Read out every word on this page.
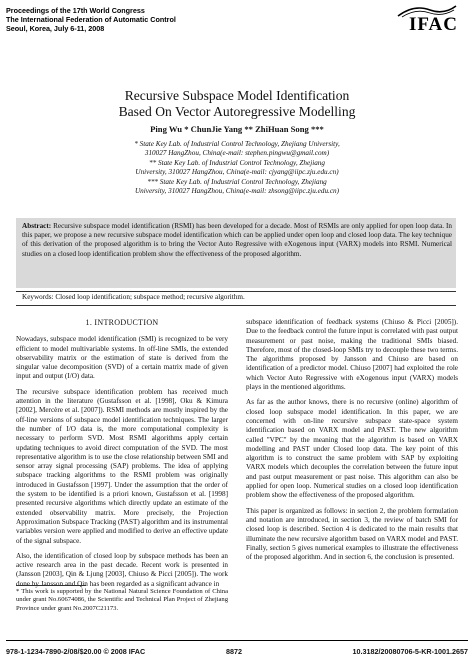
Proceedings of the 17th World Congress
The International Federation of Automatic Control
Seoul, Korea, July 6-11, 2008	IFAC
Recursive Subspace Model Identification
Based On Vector Autoregressive Modelling
Ping Wu * ChunJie Yang ** ZhiHuan Song ***
* State Key Lab. of Industrial Control Technology, Zhejiang University,
310027 HangZhou, China(e-mail: stephen.pingwu@gmail.com)
** State Key Lab. of Industrial Control Technology, Zhejiang
University, 310027 HangZhou, China(e-mail: cjyang@iipc.zju.edu.cn)
*** State Key Lab. of Industrial Control Technology, Zhejiang
University, 310027 HangZhou, China(e-mail: zhsong@iipc.zju.edu.cn)
Abstract: Recursive subspace model identification (RSMI) has been developed for a decade. Most of RSMIs are only applied for open loop data. In this paper, we propose a new recursive subspace model identification which can be applied under open loop and closed loop data. The key technique of this derivation of the proposed algorithm is to bring the Vector Auto Regressive with eXogenous input (VARX) models into RSMI. Numerical studies on a closed loop identification problem show the effectiveness of the proposed algorithm.
Keywords: Closed loop identification; subspace method; recursive algorithm.
1. INTRODUCTION

Nowadays, subspace model identification (SMI) is recognized to be very efficient to model multivariable systems. In off-line SMIs, the extended observability matrix or the estimation of state is derived from the singular value decomposition (SVD) of a certain matrix made of given input and output (I/O) data.

The recursive subspace identification problem has received much attention in the literature (Gustafsson et al. [1998], Oku & Kimura [2002], Mercère et al. [2007]). RSMI methods are mostly inspired by the off-line versions of subspace model identification techniques. The larger the number of I/O data is, the more computational complexity is necessary to perform SVD. Most RSMI algorithms apply certain updating techniques to avoid direct computation of the SVD. The most representative algorithm is to use the close relationship between SMI and sensor array signal processing (SAP) problems. The idea of applying subspace tracking algorithms to the RSMI problem was originally introduced in Gustafsson [1997]. Under the assumption that the order of the system to be identified is a priori known, Gustafsson et al. [1998] presented recursive algorithms which directly update an estimate of the extended observability matrix. More precisely, the Projection Approximation Subspace Tracking (PAST) algorithm and its instrumental variables version were applied and modified to derive an effective update of the signal subspace.

Also, the identification of closed loop by subspace methods has been an active research area in the past decade. Recent work is presented in (Jansson [2003], Qin & Ljung [2003], Chiuso & Picci [2005]). The work done by Jansson and Qin has been regarded as a significant advance in

subspace identification of feedback systems (Chiuso & Picci [2005]). Due to the feedback control the future input is correlated with past output measurement or past noise, making the traditional SMIs biased. Therefore, most of the closed-loop SMIs try to decouple these two terms. The algorithms proposed by Jansson and Chiuso are based on identification of a predictor model. Chiuso [2007] had exploited the role which Vector Auto Regressive with eXogenous input (VARX) models plays in the mentioned algorithms.

As far as the author knows, there is no recursive (online) algorithm of closed loop subspace model identification. In this paper, we are concerned with on-line recursive subspace state-space system identification based on VARX model and PAST. The new algorithm called "VPC" by the meaning that the algorithm is based on VARX modelling and PAST under Closed loop data. The key point of this algorithm is to construct the same problem with SAP by exploiting VARX models which decouples the correlation between the future input and past output measurement or past noise. This algorithm can also be applied for open loop. Numerical studies on a closed loop identification problem show the effectiveness of the proposed algorithm.

This paper is organized as follows: in section 2, the problem formulation and notation are introduced, in section 3, the review of batch SMI for closed loop is described. Section 4 is dedicated to the main results that illuminate the new recursive algorithm based on VARX model and PAST. Finally, section 5 gives numerical examples to illustrate the effectiveness of the proposed algorithm. And in section 6, the conclusion is presented.

* This work is supported by the National Natural Science Foundation of China under grant No.60674086, the Scientific and Technical Plan Project of Zhejiang Province under grant No.2007C21173.
978-1-1234-7890-2/08/$20.00 © 2008 IFAC	8872	10.3182/20080706-5-KR-1001.2657
